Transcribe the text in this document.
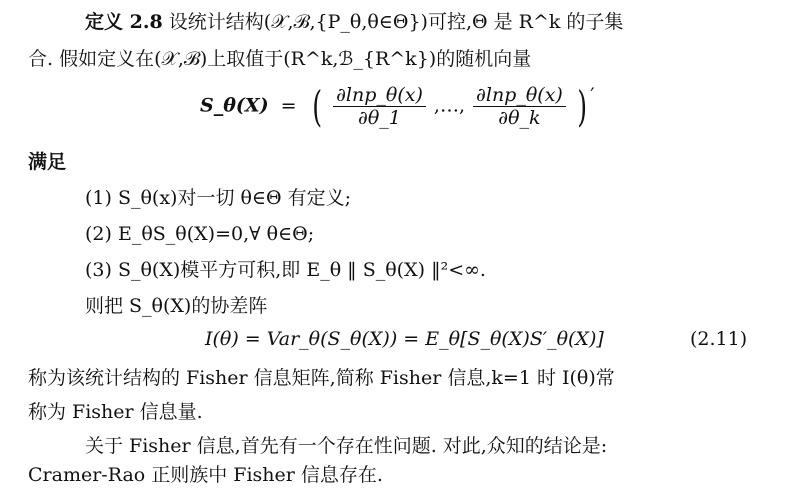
定义 2.8 设统计结构(𝒳,ℬ,{P_θ,θ∈Θ})可控,Θ 是 R^k 的子集
合. 假如定义在(𝒳,ℬ)上取值于(R^k,ℬ_{R^k})的随机向量
S_θ(X) = ( $\frac{\partial\ln p\_\theta(x)}{\partial\theta\_1}$ ,…, $\frac{\partial\ln p\_\theta(x)}{\partial\theta\_k}$ ) ′
满足
(1) S_θ(x)对一切 θ∈Θ 有定义;
(2) E_θS_θ(X)=0,∀ θ∈Θ;
(3) S_θ(X)模平方可积,即 E_θ ‖ S_θ(X) ‖²<∞.
则把 S_θ(X)的协差阵
I(θ) = Var_θ(S_θ(X)) = E_θ[S_θ(X)S′_θ(X)]	(2.11)
称为该统计结构的 Fisher 信息矩阵,简称 Fisher 信息,k=1 时 I(θ)常
称为 Fisher 信息量.
关于 Fisher 信息,首先有一个存在性问题. 对此,众知的结论是:
Cramer-Rao 正则族中 Fisher 信息存在.
